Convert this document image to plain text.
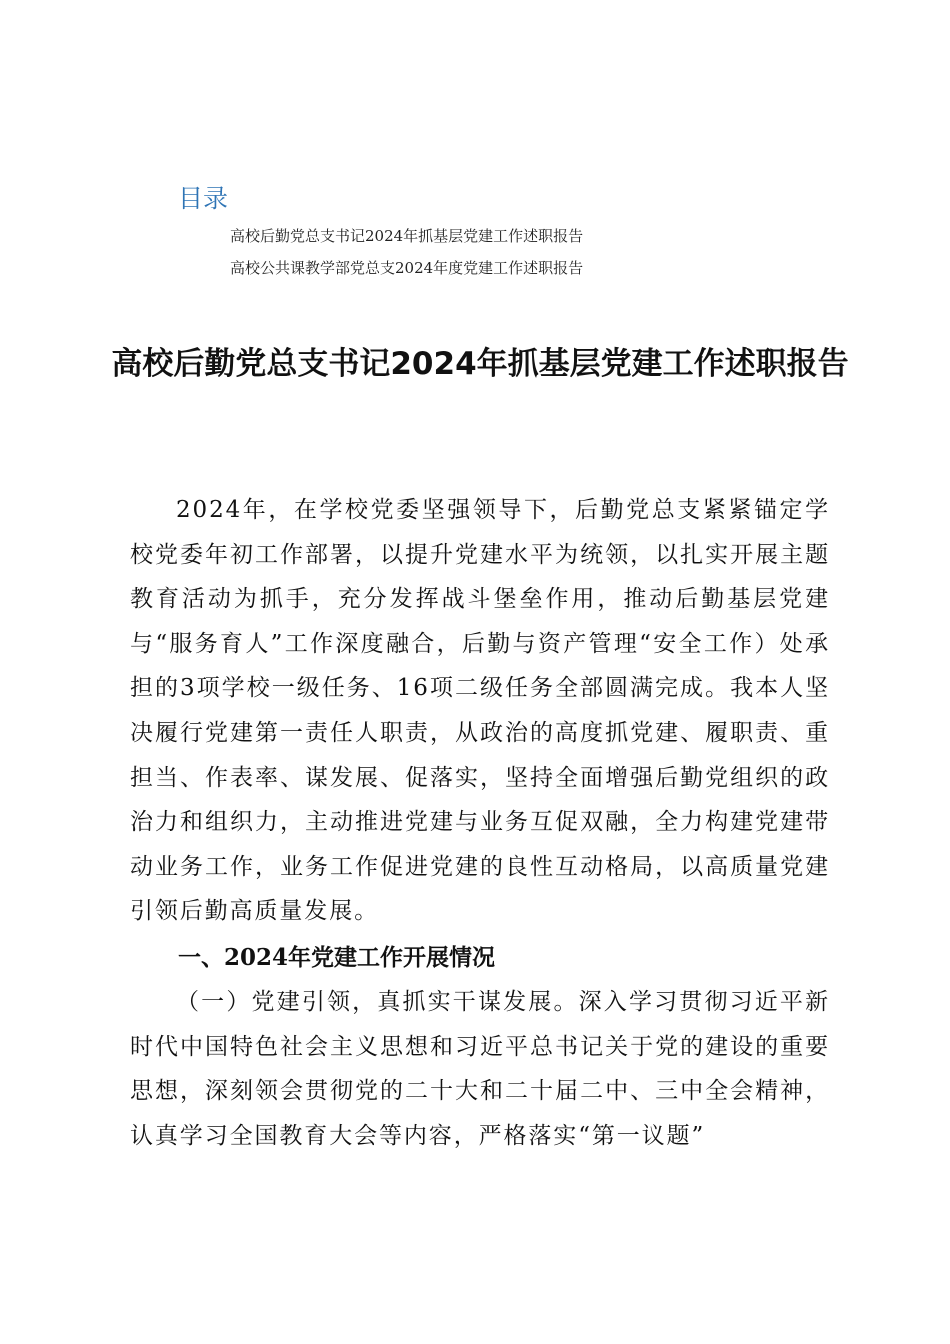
目录
高校后勤党总支书记2024年抓基层党建工作述职报告
高校公共课教学部党总支2024年度党建工作述职报告
高校后勤党总支书记2024年抓基层党建工作述职报告

2024年，在学校党委坚强领导下，后勤党总支紧紧锚定学校党委年初工作部署，以提升党建水平为统领，以扎实开展主题教育活动为抓手，充分发挥战斗堡垒作用，推动后勤基层党建与“服务育人”工作深度融合，后勤与资产管理“安全工作）处承担的3项学校一级任务、16项二级任务全部圆满完成。我本人坚决履行党建第一责任人职责，从政治的高度抓党建、履职责、重担当、作表率、谋发展、促落实，坚持全面增强后勤党组织的政治力和组织力，主动推进党建与业务互促双融，全力构建党建带动业务工作，业务工作促进党建的良性互动格局，以高质量党建引领后勤高质量发展。

一、2024年党建工作开展情况

（一）党建引领，真抓实干谋发展。深入学习贯彻习近平新时代中国特色社会主义思想和习近平总书记关于党的建设的重要思想，深刻领会贯彻党的二十大和二十届二中、三中全会精神，认真学习全国教育大会等内容，严格落实“第一议题”
